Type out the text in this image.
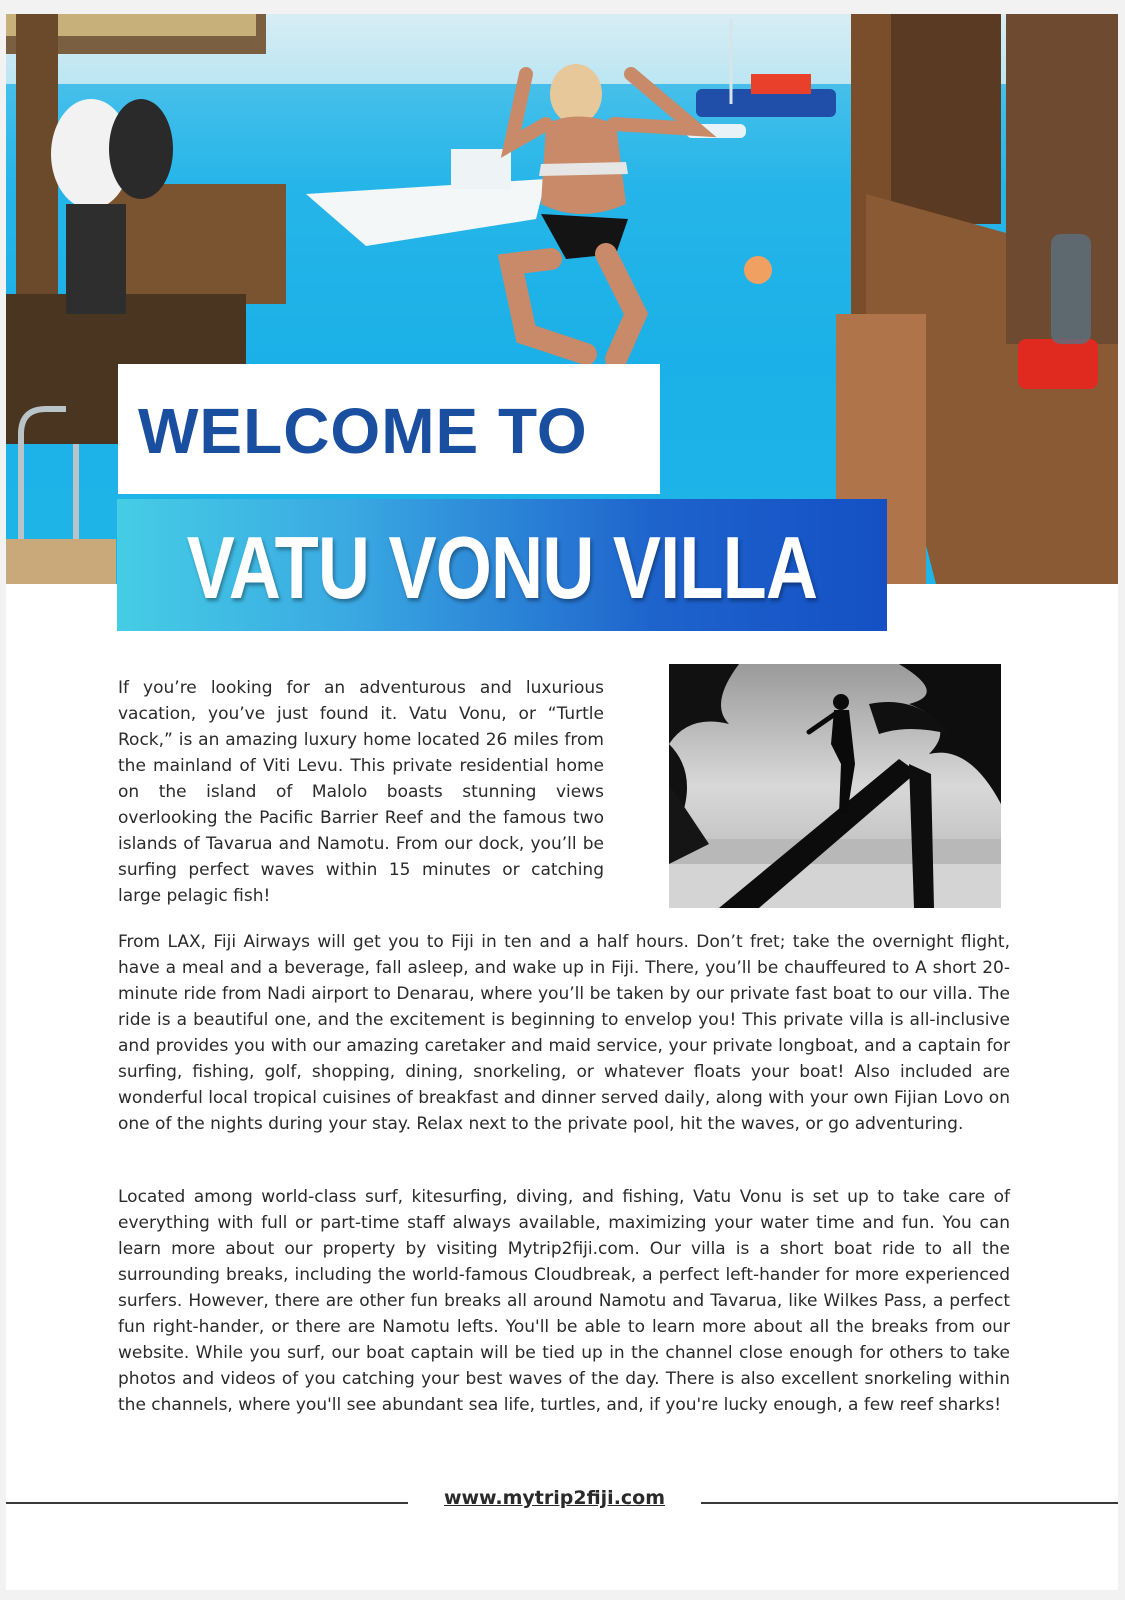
WELCOME TO
VATU VONU VILLA

If you’re looking for an adventurous and luxurious vacation, you’ve just found it. Vatu Vonu, or “Turtle Rock,” is an amazing luxury home located 26 miles from the mainland of Viti Levu. This private residential home on the island of Malolo boasts stunning views overlooking the Pacific Barrier Reef and the famous two islands of Tavarua and Namotu. From our dock, you’ll be surfing perfect waves within 15 minutes or catching large pelagic fish!

From LAX, Fiji Airways will get you to Fiji in ten and a half hours. Don’t fret; take the overnight flight, have a meal and a beverage, fall asleep, and wake up in Fiji. There, you’ll be chauffeured to A short 20-minute ride from Nadi airport to Denarau, where you’ll be taken by our private fast boat to our villa. The ride is a beautiful one, and the excitement is beginning to envelop you! This private villa is all-inclusive and provides you with our amazing caretaker and maid service, your private longboat, and a captain for surfing, fishing, golf, shopping, dining, snorkeling, or whatever floats your boat! Also included are wonderful local tropical cuisines of breakfast and dinner served daily, along with your own Fijian Lovo on one of the nights during your stay. Relax next to the private pool, hit the waves, or go adventuring.

Located among world-class surf, kitesurfing, diving, and fishing, Vatu Vonu is set up to take care of everything with full or part-time staff always available, maximizing your water time and fun. You can learn more about our property by visiting Mytrip2fiji.com. Our villa is a short boat ride to all the surrounding breaks, including the world-famous Cloudbreak, a perfect left-hander for more experienced surfers. However, there are other fun breaks all around Namotu and Tavarua, like Wilkes Pass, a perfect fun right-hander, or there are Namotu lefts. You'll be able to learn more about all the breaks from our website. While you surf, our boat captain will be tied up in the channel close enough for others to take photos and videos of you catching your best waves of the day. There is also excellent snorkeling within the channels, where you'll see abundant sea life, turtles, and, if you're lucky enough, a few reef sharks!

www.mytrip2fiji.com
